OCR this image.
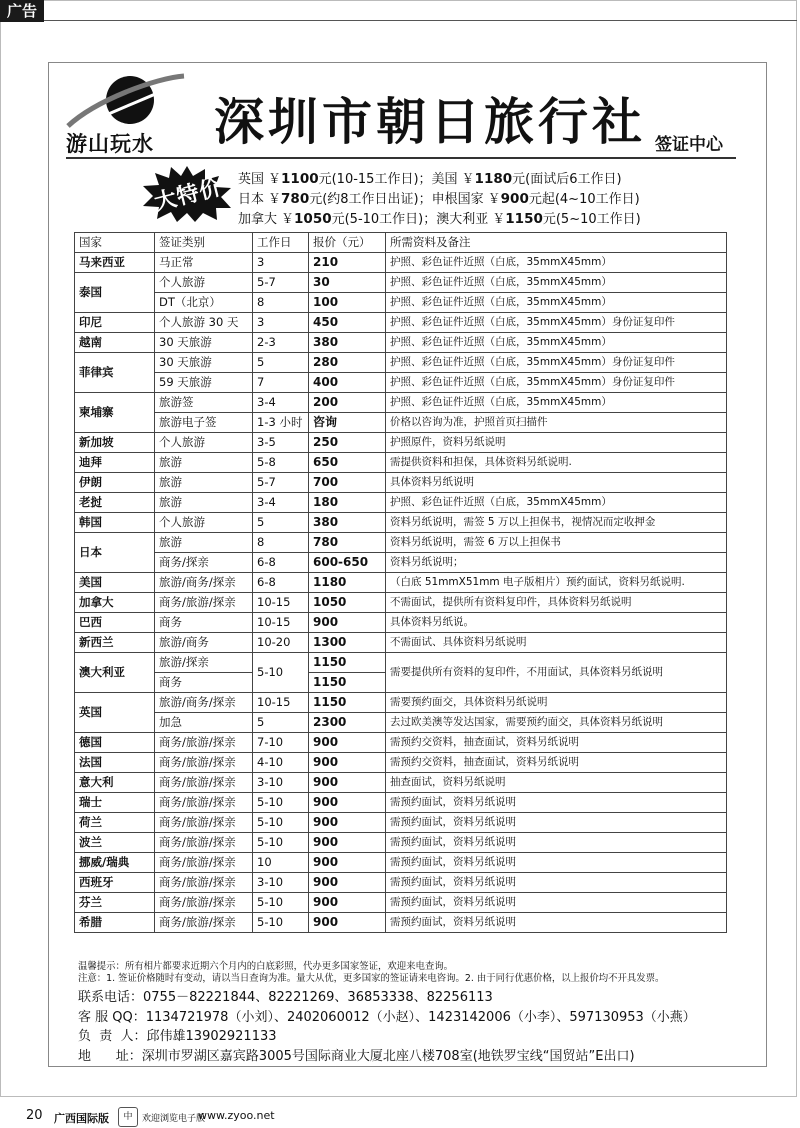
广告
游山玩水 深圳市朝日旅行社 签证中心
大特价	英国 ￥1100元(10-15工作日)；美国 ￥1180元(面试后6工作日)
日本 ￥780元(约8工作日出证)；申根国家 ￥900元起(4~10工作日)
加拿大 ￥1050元(5-10工作日)；澳大利亚 ￥1150元(5~10工作日)
国家	签证类别	工作日	报价（元）	所需资料及备注
马来西亚	马正常	3	210	护照、彩色证件近照（白底，35mmX45mm）
泰国	个人旅游	5-7	30	护照、彩色证件近照（白底，35mmX45mm）
	DT（北京）	8	100	护照、彩色证件近照（白底，35mmX45mm）
印尼	个人旅游 30 天	3	450	护照、彩色证件近照（白底，35mmX45mm）身份证复印件
越南	30 天旅游	2-3	380	护照、彩色证件近照（白底，35mmX45mm）
菲律宾	30 天旅游	5	280	护照、彩色证件近照（白底，35mmX45mm）身份证复印件
	59 天旅游	7	400	护照、彩色证件近照（白底，35mmX45mm）身份证复印件
柬埔寨	旅游签	3-4	200	护照、彩色证件近照（白底，35mmX45mm）
	旅游电子签	1-3 小时	咨询	价格以咨询为准，护照首页扫描件
新加坡	个人旅游	3-5	250	护照原件，资料另纸说明
迪拜	旅游	5-8	650	需提供资料和担保，具体资料另纸说明.
伊朗	旅游	5-7	700	具体资料另纸说明
老挝	旅游	3-4	180	护照、彩色证件近照（白底，35mmX45mm）
韩国	个人旅游	5	380	资料另纸说明，需签 5 万以上担保书，视情况而定收押金
日本	旅游	8	780	资料另纸说明，需签 6 万以上担保书
	商务/探亲	6-8	600-650	资料另纸说明；
美国	旅游/商务/探亲	6-8	1180	（白底 51mmX51mm 电子版相片）预约面试，资料另纸说明.
加拿大	商务/旅游/探亲	10-15	1050	不需面试，提供所有资料复印件，具体资料另纸说明
巴西	商务	10-15	900	具体资料另纸说。
新西兰	旅游/商务	10-20	1300	不需面试、具体资料另纸说明
澳大利亚	旅游/探亲	5-10	1150	需要提供所有资料的复印件，不用面试，具体资料另纸说明
	商务		1150	
英国	旅游/商务/探亲	10-15	1150	需要预约面交，具体资料另纸说明
	加急	5	2300	去过欧美澳等发达国家，需要预约面交，具体资料另纸说明
德国	商务/旅游/探亲	7-10	900	需预约交资料，抽查面试，资料另纸说明
法国	商务/旅游/探亲	4-10	900	需预约交资料，抽查面试，资料另纸说明
意大利	商务/旅游/探亲	3-10	900	抽查面试，资料另纸说明
瑞士	商务/旅游/探亲	5-10	900	需预约面试，资料另纸说明
荷兰	商务/旅游/探亲	5-10	900	需预约面试，资料另纸说明
波兰	商务/旅游/探亲	5-10	900	需预约面试，资料另纸说明
挪威/瑞典	商务/旅游/探亲	10	900	需预约面试，资料另纸说明
西班牙	商务/旅游/探亲	3-10	900	需预约面试，资料另纸说明
芬兰	商务/旅游/探亲	5-10	900	需预约面试，资料另纸说明
希腊	商务/旅游/探亲	5-10	900	需预约面试，资料另纸说明
温馨提示：所有相片都要求近期六个月内的白底彩照，代办更多国家签证，欢迎来电查询。
注意：1. 签证价格随时有变动，请以当日查询为准。量大从优，更多国家的签证请来电咨询。2. 由于同行优惠价格，以上报价均不开具发票。
联系电话：0755－82221844、82221269、36853338、82256113
客 服 QQ：1134721978（小刘）、2402060012（小赵）、1423142006（小李）、597130953（小燕）
负  责  人：邱伟雄13902921133
地      址：深圳市罗湖区嘉宾路3005号国际商业大厦北座八楼708室(地铁罗宝线“国贸站”E出口)
20 广西国际版	中	欢迎浏览电子版
www.zyoo.net
